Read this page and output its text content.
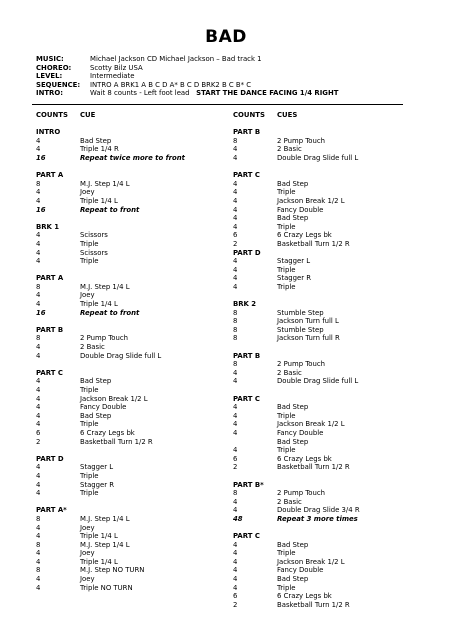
BAD
MUSIC:	Michael Jackson CD Michael Jackson – Bad track 1
CHOREO:	Scotty Bilz USA
LEVEL:	Intermediate
SEQUENCE:	INTRO A BRK1 A B C D A* B C D BRK2 B C B* C
INTRO:	Wait 8 counts - Left foot lead START THE DANCE FACING 1/4 RIGHT
COUNTS	CUE
INTRO
4	Bad Step
4	Triple 1/4 R
16	Repeat twice more to front
PART A
8	M.J. Step 1/4 L
4	Joey
4	Triple 1/4 L
16	Repeat to front
BRK 1
4	Scissors
4	Triple
4	Scissors
4	Triple
PART A
8	M.J. Step 1/4 L
4	Joey
4	Triple 1/4 L
16	Repeat to front
PART B
8	2 Pump Touch
4	2 Basic
4	Double Drag Slide full L
PART C
4	Bad Step
4	Triple
4	Jackson Break 1/2 L
4	Fancy Double
4	Bad Step
4	Triple
6	6 Crazy Legs bk
2	Basketball Turn 1/2 R
PART D
4	Stagger L
4	Triple
4	Stagger R
4	Triple
PART A*
8	M.J. Step 1/4 L
4	Joey
4	Triple 1/4 L
8	M.J. Step 1/4 L
4	Joey
4	Triple 1/4 L
8	M.J. Step NO TURN
4	Joey
4	Triple NO TURN
COUNTS	CUES
PART B
8	2 Pump Touch
4	2 Basic
4	Double Drag Slide full L
PART C
4	Bad Step
4	Triple
4	Jackson Break 1/2 L
4	Fancy Double
4	Bad Step
4	Triple
6	6 Crazy Legs bk
2	Basketball Turn 1/2 R
PART D
4	Stagger L
4	Triple
4	Stagger R
4	Triple
BRK 2
8	Stumble Step
8	Jackson Turn full L
8	Stumble Step
8	Jackson Turn full R
PART B
8	2 Pump Touch
4	2 Basic
4	Double Drag Slide full L
PART C
4	Bad Step
4	Triple
4	Jackson Break 1/2 L
4	Fancy Double
Bad Step
4	Triple
6	6 Crazy Legs bk
2	Basketball Turn 1/2 R
PART B*
8	2 Pump Touch
4	2 Basic
4	Double Drag Slide 3/4 R
48	Repeat 3 more times
PART C
4	Bad Step
4	Triple
4	Jackson Break 1/2 L
4	Fancy Double
4	Bad Step
4	Triple
6	6 Crazy Legs bk
2	Basketball Turn 1/2 R
